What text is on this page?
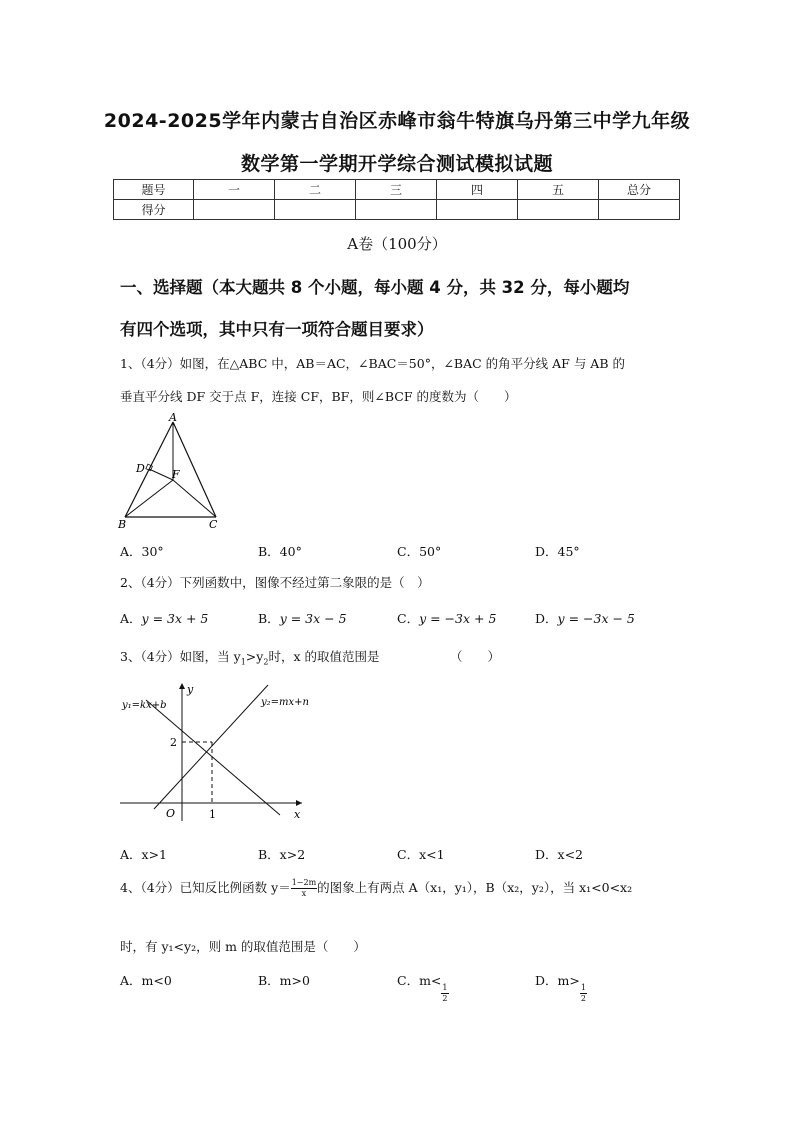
2024-2025学年内蒙古自治区赤峰市翁牛特旗乌丹第三中学九年级
数学第一学期开学综合测试模拟试题
题号	一	二	三	四	五	总分
得分						
A卷（100分）
一、选择题（本大题共 8 个小题，每小题 4 分，共 32 分，每小题均
有四个选项，其中只有一项符合题目要求）
1、（4分）如图，在△ABC 中，AB＝AC，∠BAC＝50°，∠BAC 的角平分线 AF 与 AB 的
垂直平分线 DF 交于点 F，连接 CF，BF，则∠BCF 的度数为（　　）
A
D F
B	C
A．30°	B．40°	C．50°	D．45°
2、（4分）下列函数中，图像不经过第二象限的是（　）
A．y = 3x + 5	B．y = 3x − 5	C．y = −3x + 5	D．y = −3x − 5
3、（4分）如图，当 $y_1>y_2$时，x 的取值范围是	（　　）
y₁=kx+b	y₂=mx+n
y
x
O
2
1
A．x>1	B．x>2	C．x<1	D．x<2
4、（4分）已知反比例函数 $y= \frac{1-2m}{x}$ 的图象上有两点 A（x₁，y₁），B（x₂，y₂），当 x₁<0<x₂
时，有 y₁<y₂，则 m 的取值范围是（　　）
A．m<0	B．m>0	C．m<
$\frac{1}{2}$
D．m>
$\frac{1}{2}$
